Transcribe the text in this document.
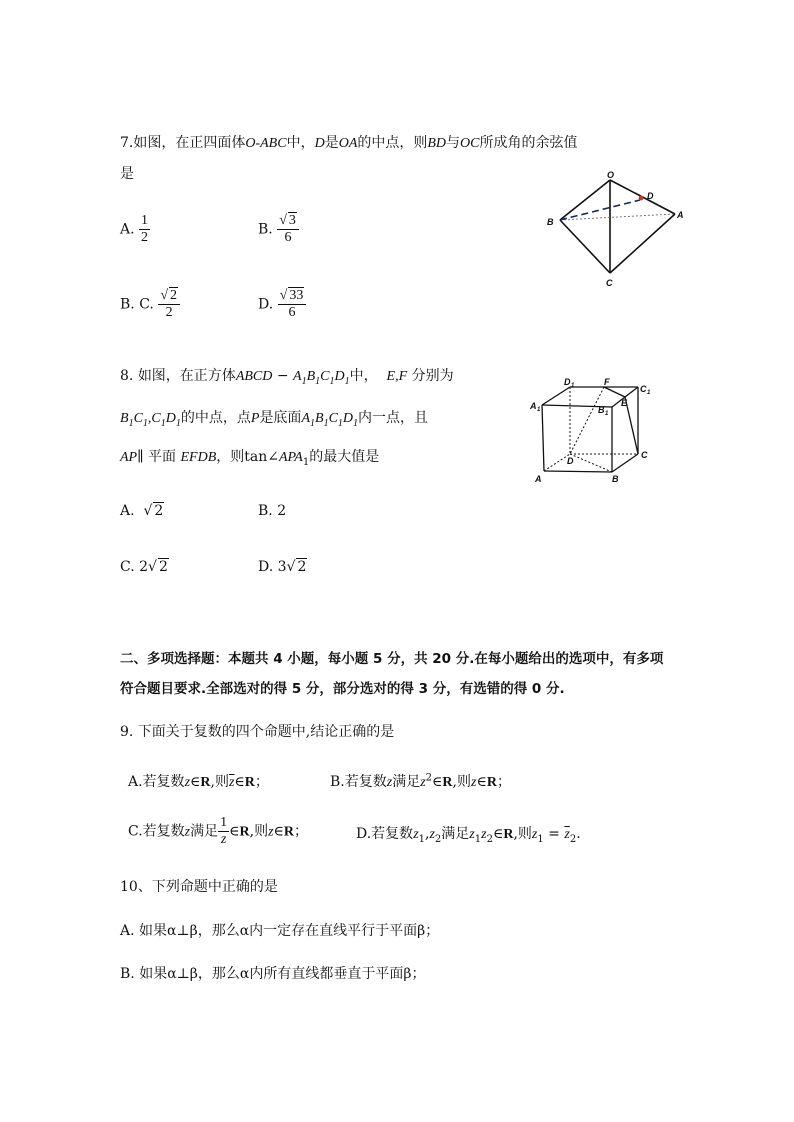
7.如图，在正四面体O-ABC中，D是OA的中点，则BD与OC所成角的余弦值
是
A. $\frac{1}{2}$	B. $\frac{√ 3}{6}$
B. C. $\frac{√ 2}{2}$	D. $\frac{√ 33}{6}$
O
D
B
A
C
8. 如图，在正方体ABCD − $A_1B_1C_1D_1$中， E,F 分别为
$B_1C_1,C_1D_1$的中点，点P是底面$A_1B_1C_1D_1$内一点，且
AP∥ 平面 EFDB，则$\tan\angle APA_1$的最大值是
A.  √ 2	B. 2
C. 2√ 2	D. 3√ 2
D 1	F
C 1
A 1	B 1
E
D
C
A	B
二、多项选择题：本题共 4 小题，每小题 5 分，共 20 分.在每小题给出的选项中，有多项
符合题目要求.全部选对的得 5 分，部分选对的得 3 分，有选错的得 0 分.
9. 下面关于复数的四个命题中,结论正确的是
A.若复数z∈R,则$\overline{z}\in R$；	B.若复数z满足$z^2\in R$,则z∈R；
C.若复数z满足 $\frac{1}{z}$ ∈R,则z∈R；	D.若复数$z_1,z_2$满足$z_1z_2\in R$,则$z_1 = \overline{z}_2$.
10、下列命题中正确的是
A. 如果α⊥β，那么α内一定存在直线平行于平面β；
B. 如果α⊥β，那么α内所有直线都垂直于平面β；
